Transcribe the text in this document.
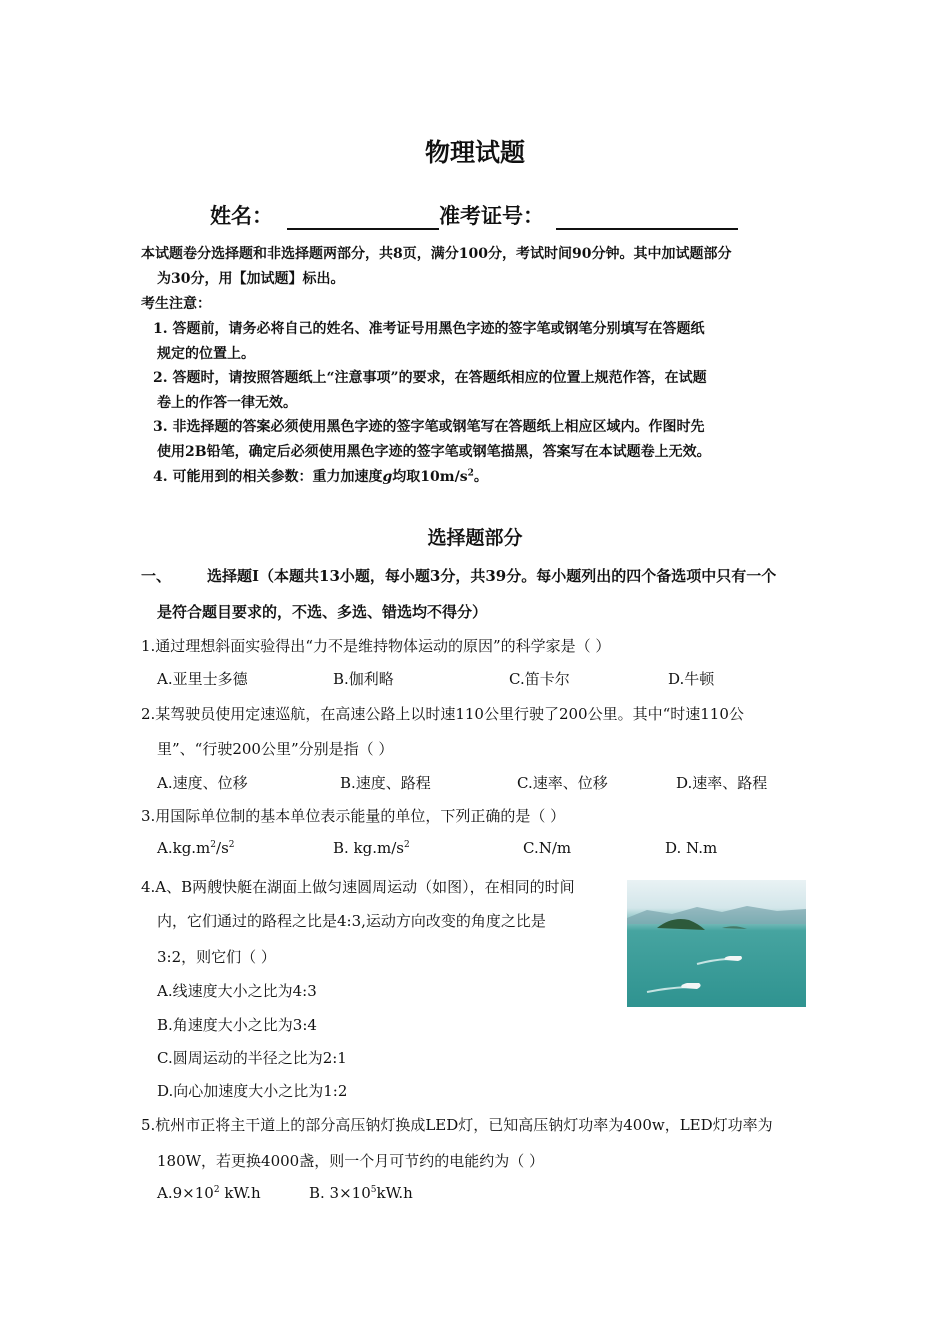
物理试题
姓名：	准考证号：
本试题卷分选择题和非选择题两部分，共8页，满分100分，考试时间90分钟。其中加试题部分
为30分，用【加试题】标出。
考生注意：
1. 答题前，请务必将自己的姓名、准考证号用黑色字迹的签字笔或钢笔分别填写在答题纸
规定的位置上。
2. 答题时，请按照答题纸上“注意事项”的要求，在答题纸相应的位置上规范作答，在试题
卷上的作答一律无效。
3. 非选择题的答案必须使用黑色字迹的签字笔或钢笔写在答题纸上相应区域内。作图时先
使用2B铅笔，确定后必须使用黑色字迹的签字笔或钢笔描黑，答案写在本试题卷上无效。
4. 可能用到的相关参数：重力加速度g均取$10m/s^2$。
选择题部分
一、 选择题I（本题共13小题，每小题3分，共39分。每小题列出的四个备选项中只有一个
是符合题目要求的，不选、多选、错选均不得分）
1.通过理想斜面实验得出“力不是维持物体运动的原因”的科学家是（ ）
A.亚里士多德	B.伽利略	C.笛卡尔	D.牛顿
2.某驾驶员使用定速巡航，在高速公路上以时速110公里行驶了200公里。其中“时速110公
里”、“行驶200公里”分别是指（ ）
A.速度、位移	B.速度、路程	C.速率、位移	D.速率、路程
3.用国际单位制的基本单位表示能量的单位，下列正确的是（ ）
$A.kg.m^2/s^2$	B. $kg.m/s^2$	C.N/m	D. N.m
4.A、B两艘快艇在湖面上做匀速圆周运动（如图），在相同的时间
内，它们通过的路程之比是4:3,运动方向改变的角度之比是
3:2，则它们（ ）
A.线速度大小之比为4:3
B.角速度大小之比为3:4
C.圆周运动的半径之比为2:1
D.向心加速度大小之比为1:2
5.杭州市正将主干道上的部分高压钠灯换成LED灯，已知高压钠灯功率为400w，LED灯功率为
180W，若更换4000盏，则一个月可节约的电能约为（ ）
$A.9\times 10^2$ kW.h	B. $3\times 10^5kW.h$
